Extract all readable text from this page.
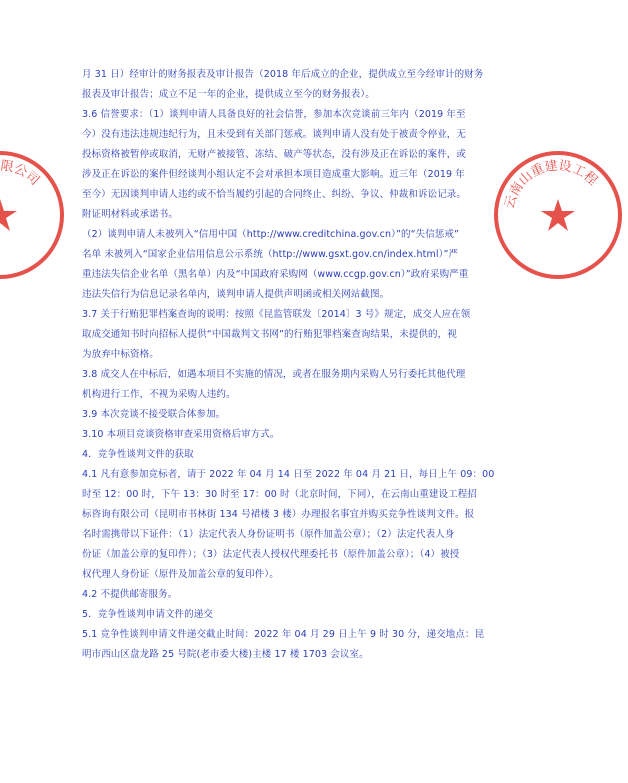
月 31 日）经审计的财务报表及审计报告（2018 年后成立的企业，提供成立至今经审计的财务
报表及审计报告；成立不足一年的企业，提供成立至今的财务报表）。
3.6 信誉要求：（1）谈判申请人具备良好的社会信誉，参加本次竞谈前三年内（2019 年至
今）没有违法违规违纪行为，且未受到有关部门惩戒。谈判申请人没有处于被责令停业，无
投标资格被暂停或取消，无财产被接管、冻结、破产等状态，没有涉及正在诉讼的案件，或
涉及正在诉讼的案件但经谈判小组认定不会对承担本项目造成重大影响。近三年（2019 年
至今）无因谈判申请人违约或不恰当履约引起的合同终止、纠纷、争议、仲裁和诉讼记录。
附证明材料或承诺书。
（2）谈判申请人未被列入“信用中国（http://www.creditchina.gov.cn）”的“失信惩戒”
名单 未被列入“国家企业信用信息公示系统（http://www.gsxt.gov.cn/index.html）”严
重违法失信企业名单（黑名单）内及“中国政府采购网（www.ccgp.gov.cn）”政府采购严重
违法失信行为信息记录名单内，谈判申请人提供声明函或相关网站截图。
3.7 关于行贿犯罪档案查询的说明：按照《昆监管联发〔2014〕3 号》规定，成交人应在领
取成交通知书时向招标人提供“中国裁判文书网”的行贿犯罪档案查询结果，未提供的，视
为放弃中标资格。
3.8 成交人在中标后，如遇本项目不实施的情况，或者在服务期内采购人另行委托其他代理
机构进行工作，不视为采购人违约。
3.9 本次竞谈不接受联合体参加。
3.10 本项目竞谈资格审查采用资格后审方式。
4．竞争性谈判文件的获取
4.1 凡有意参加竞标者，请于 2022 年 04 月 14 日至 2022 年 04 月 21 日，每日上午 09：00
时至 12：00 时，下午 13：30 时至 17：00 时（北京时间，下同），在云南山重建设工程招
标咨询有限公司（昆明市书林街 134 号裙楼 3 楼）办理报名事宜并购买竞争性谈判文件。报
名时需携带以下证件：（1）法定代表人身份证明书（原件加盖公章）；（2）法定代表人身
份证（加盖公章的复印件）；（3）法定代表人授权代理委托书（原件加盖公章）；（4）被授
权代理人身份证（原件及加盖公章的复印件）。
4.2 不提供邮寄服务。
5．竞争性谈判申请文件的递交
5.1 竞争性谈判申请文件递交截止时间：2022 年 04 月 29 日上午 9 时 30 分，递交地点：昆
明市西山区盘龙路 25 号院(老市委大楼)主楼 17 楼 1703 会议室。
限公司
云南山重建设工程
